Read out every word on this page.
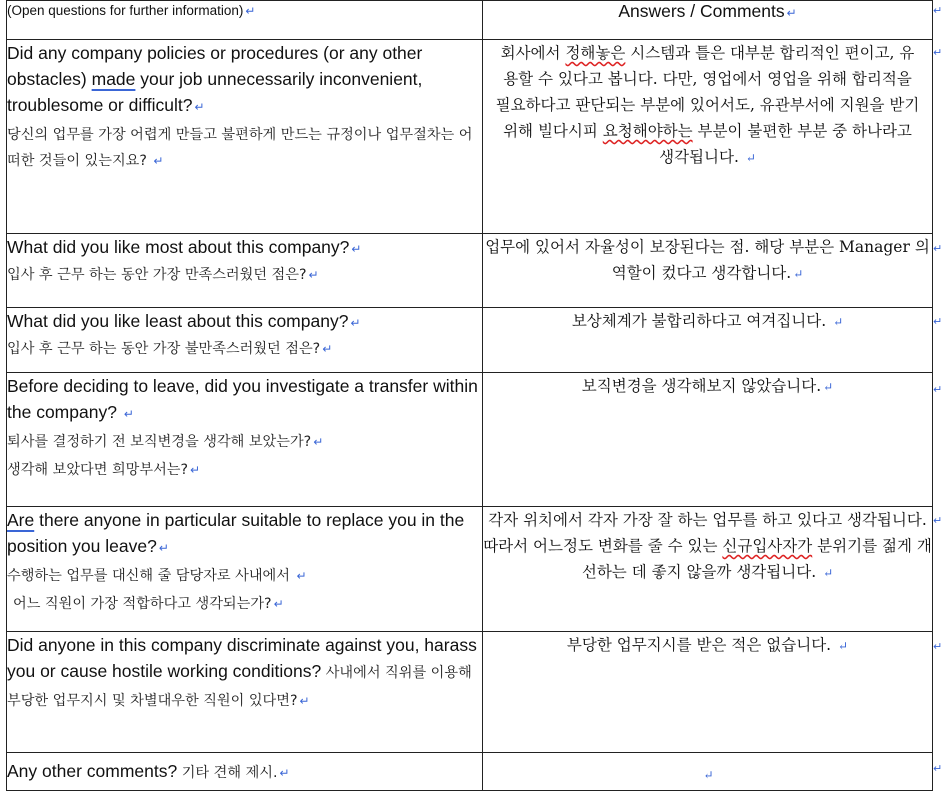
(Open questions for further information) ↵	Answers / Comments ↵

Did any company policies or procedures (or any other obstacles) made your job unnecessarily inconvenient, troublesome or difficult? ↵
당신의 업무를 가장 어렵게 만들고 불편하게 만드는 규정이나 업무절차는 어떠한 것들이 있는지요? ↵	회사에서 정해놓은 시스템과 틀은 대부분 합리적인 편이고, 유용할 수 있다고 봅니다. 다만, 영업에서 영업을 위해 합리적을 필요하다고 판단되는 부분에 있어서도, 유관부서에 지원을 받기 위해 빌다시피 요청해야하는 부분이 불편한 부분 중 하나라고 생각됩니다. ↵

What did you like most about this company? ↵
입사 후 근무 하는 동안 가장 만족스러웠던 점은? ↵	업무에 있어서 자율성이 보장된다는 점. 해당 부분은 Manager 의 역할이 컸다고 생각합니다. ↵

What did you like least about this company? ↵
입사 후 근무 하는 동안 가장 불만족스러웠던 점은? ↵	보상체계가 불합리하다고 여겨집니다. ↵

Before deciding to leave, did you investigate a transfer within the company? ↵
퇴사를 결정하기 전 보직변경을 생각해 보았는가? ↵
생각해 보았다면 희망부서는? ↵	보직변경을 생각해보지 않았습니다. ↵

Are there anyone in particular suitable to replace you in the position you leave? ↵
수행하는 업무를 대신해 줄 담당자로 사내에서 ↵
어느 직원이 가장 적합하다고 생각되는가? ↵	각자 위치에서 각자 가장 잘 하는 업무를 하고 있다고 생각됩니다. 따라서 어느정도 변화를 줄 수 있는 신규입사자가 분위기를 젊게 개선하는 데 좋지 않을까 생각됩니다. ↵

Did anyone in this company discriminate against you, harass you or cause hostile working conditions? 사내에서 직위를 이용해 부당한 업무지시 및 차별대우한 직원이 있다면? ↵	부당한 업무지시를 받은 적은 없습니다. ↵

Any other comments? 기타 견해 제시. ↵	↵
↵
↵
↵
↵
↵
↵
↵
↵
